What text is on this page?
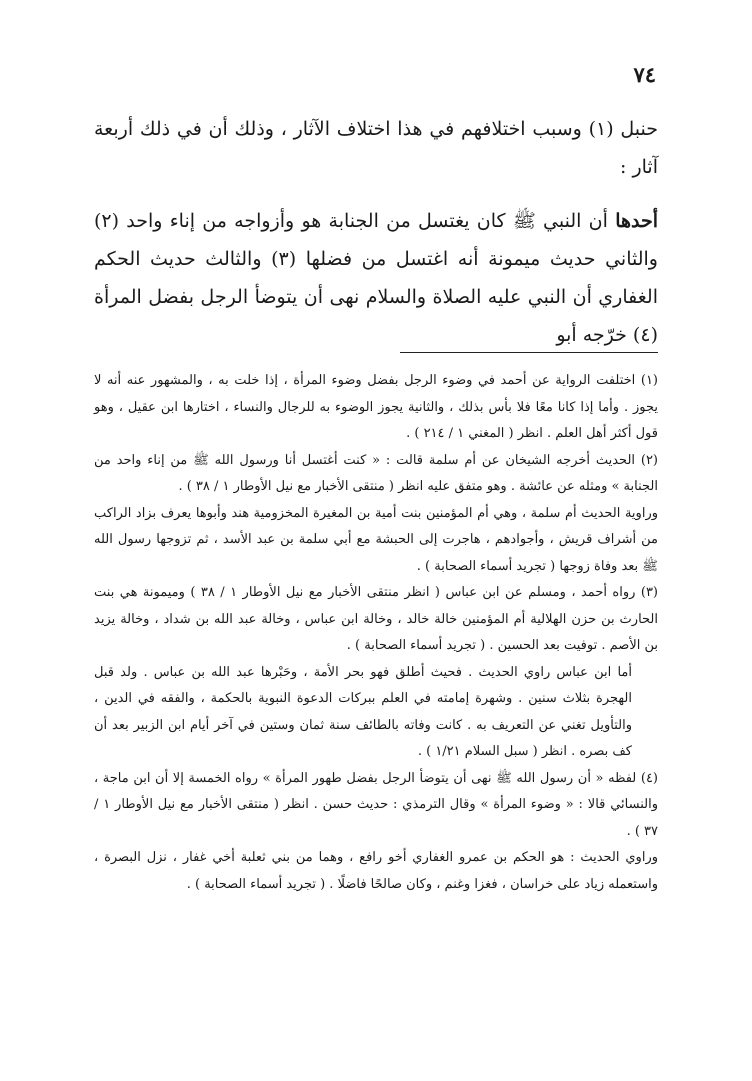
٧٤

حنبل (١) وسبب اختلافهم في هذا اختلاف الآثار ، وذلك أن في ذلك أربعة آثار :

أحدها أن النبي ﷺ كان يغتسل من الجنابة هو وأزواجه من إناء واحد (٢) والثاني حديث ميمونة أنه اغتسل من فضلها (٣) والثالث حديث الحكم الغفاري أن النبي عليه الصلاة والسلام نهى أن يتوضأ الرجل بفضل المرأة (٤) خرّجه أبو

(١) اختلفت الرواية عن أحمد في وضوء الرجل بفضل وضوء المرأة ، إذا خلت به ، والمشهور عنه أنه لا يجوز . وأما إذا كانا معًا فلا بأس بذلك ، والثانية يجوز الوضوء به للرجال والنساء ، اختارها ابن عقيل ، وهو قول أكثر أهل العلم . انظر ( المغني ١ / ٢١٤ ) .

(٢) الحديث أخرجه الشيخان عن أم سلمة قالت : « كنت أغتسل أنا ورسول الله ﷺ من إناء واحد من الجنابة » ومثله عن عائشة . وهو متفق عليه انظر ( منتقى الأخبار مع نيل الأوطار ١ / ٣٨ ) .

وراوية الحديث أم سلمة ، وهي أم المؤمنين بنت أمية بن المغيرة المخزومية هند وأبوها يعرف بزاد الراكب من أشراف قريش ، وأجوادهم ، هاجرت إلى الحبشة مع أبي سلمة بن عبد الأسد ، ثم تزوجها رسول الله ﷺ بعد وفاة زوجها ( تجريد أسماء الصحابة ) .

(٣) رواه أحمد ، ومسلم عن ابن عباس ( انظر منتقى الأخبار مع نيل الأوطار ١ / ٣٨ ) وميمونة هي بنت الحارث بن حزن الهلالية أم المؤمنين خالة خالد ، وخالة ابن عباس ، وخالة عبد الله بن شداد ، وخالة يزيد بن الأصم . توفيت بعد الحسين . ( تجريد أسماء الصحابة ) .

أما ابن عباس راوي الحديث . فحيث أطلق فهو بحر الأمة ، وحَبْرها عبد الله بن عباس . ولد قبل الهجرة بثلاث سنين . وشهرة إمامته في العلم ببركات الدعوة النبوية بالحكمة ، والفقه في الدين ، والتأويل تغني عن التعريف به . كانت وفاته بالطائف سنة ثمان وستين في آخر أيام ابن الزبير بعد أن كف بصره . انظر ( سبل السلام ١/٢١ ) .

(٤) لفظه « أن رسول الله ﷺ نهى أن يتوضأ الرجل بفضل طهور المرأة » رواه الخمسة إلا أن ابن ماجة ، والنسائي قالا : « وضوء المرأة » وقال الترمذي : حديث حسن . انظر ( منتقى الأخبار مع نيل الأوطار ١ / ٣٧ ) .

وراوي الحديث : هو الحكم بن عمرو الغفاري أخو رافع ، وهما من بني ثعلبة أخي غفار ، نزل البصرة ، واستعمله زياد على خراسان ، فغزا وغنم ، وكان صالحًا فاضلًا . ( تجريد أسماء الصحابة ) .
